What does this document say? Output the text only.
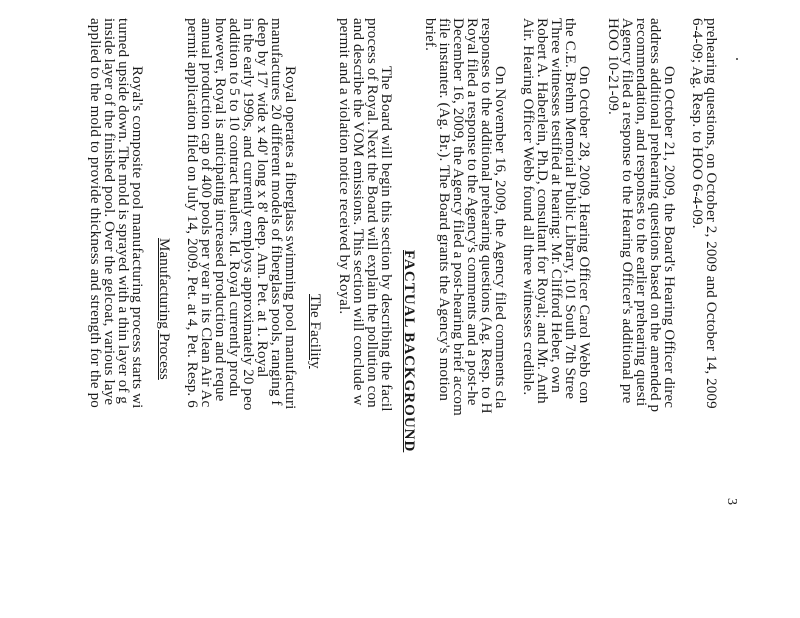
3
prehearing questions, on October 2, 2009 and October 14, 2009
6-4-09; Ag. Resp. to HOO 6-4-09.
On October 21, 2009, the Board's Hearing Officer direc
address additional prehearing questions based on the amended p
recommendation, and responses to the earlier prehearing questi
Agency filed a response to the Hearing Officer's additional pre
HOO 10-21-09.
On October 28, 2009, Hearing Officer Carol Webb con
the C.E. Brehm Memorial Public Library, 101 South 7th Stree
Three witnesses testified at hearing: Mr. Clifford Heber, own
Robert A. Haberlein, Ph.D, consultant for Royal; and Mr. Anth
Air. Hearing Officer Webb found all three witnesses credible.
On November 16, 2009, the Agency filed comments cla
responses to the additional prehearing questions (Ag. Resp. to H
Royal filed a response to the Agency's comments and a post-he
December 16, 2009, the Agency filed a post-hearing brief accom
file instanter. (Ag. Br.). The Board grants the Agency's motion
brief.
FACTUAL BACKGROUND
The Board will begin this section by describing the facil
process of Royal. Next the Board will explain the pollution con
and describe the VOM emissions. This section will conclude w
permit and a violation notice received by Royal.
The Facility
Royal operates a fiberglass swimming pool manufacturi
manufactures 20 different models of fiberglass pools, ranging f
deep by 17' wide x 40' long x 8' deep. Am. Pet. at 1. Royal
in the early 1990s, and currently employs approximately 20 peo
addition to 5 to 10 contract haulers. Id. Royal currently produ
however, Royal is anticipating increased production and reque
annual production cap of 400 pools per year in its Clean Air Ac
permit application filed on July 14, 2009. Pet. at 4, Pet. Resp. 6
Manufacturing Process
Royal's composite pool manufacturing process starts wi
turned upside down. The mold is sprayed with a thin layer of g
inside layer of the finished pool. Over the gelcoat, various laye
applied to the mold to provide thickness and strength for the po
